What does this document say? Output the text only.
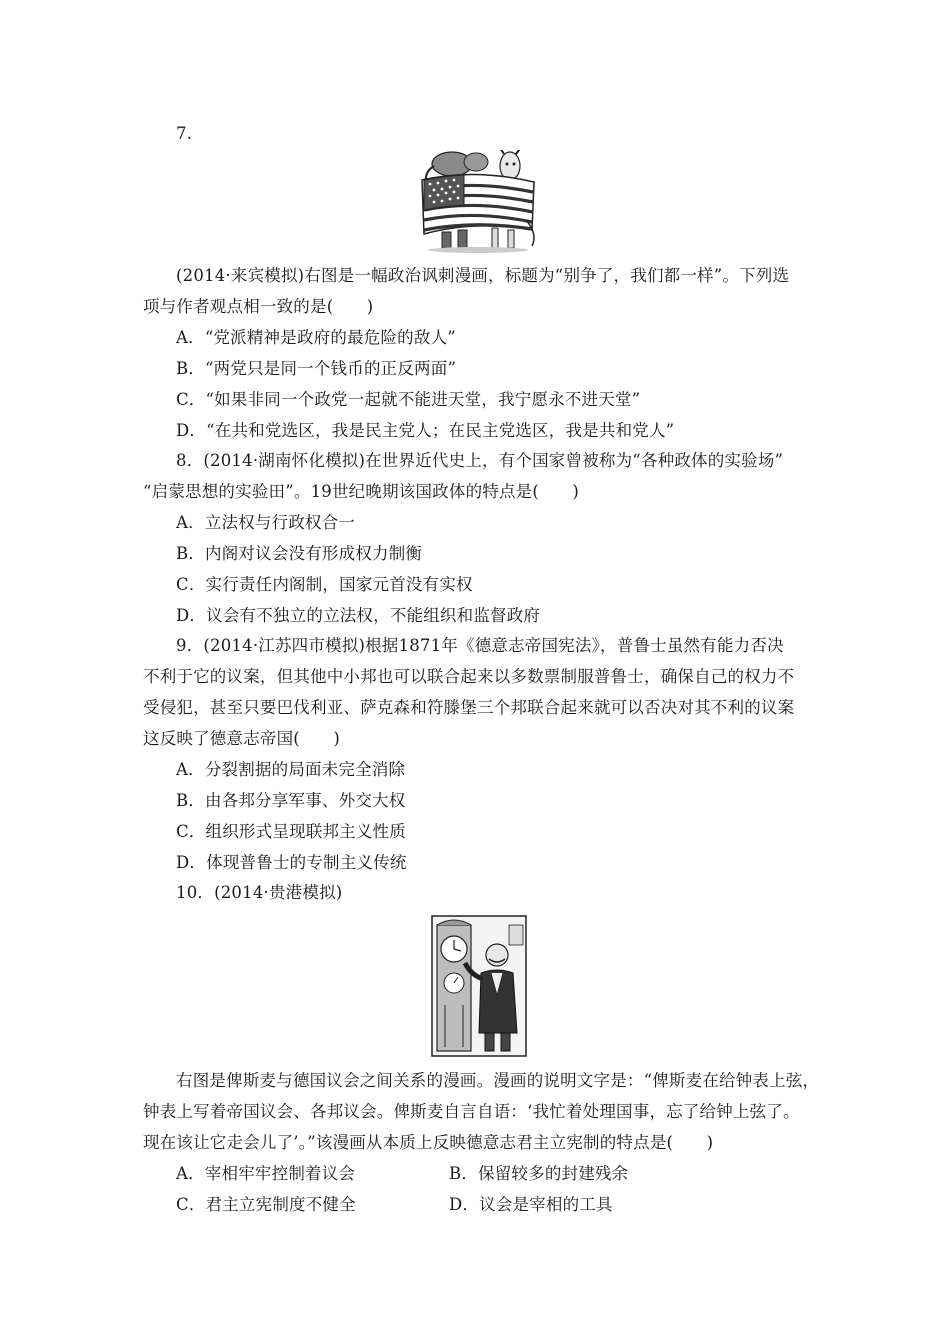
7.
(2014·来宾模拟)右图是一幅政治讽刺漫画，标题为“别争了，我们都一样”。下列选
项与作者观点相一致的是(　　)
A．“党派精神是政府的最危险的敌人”
B．“两党只是同一个钱币的正反两面”
C．“如果非同一个政党一起就不能进天堂，我宁愿永不进天堂”
D．“在共和党选区，我是民主党人；在民主党选区，我是共和党人”
8．(2014·湖南怀化模拟)在世界近代史上，有个国家曾被称为“各种政体的实验场”
“启蒙思想的实验田”。19世纪晚期该国政体的特点是(　　)
A．立法权与行政权合一
B．内阁对议会没有形成权力制衡
C．实行责任内阁制，国家元首没有实权
D．议会有不独立的立法权，不能组织和监督政府
9．(2014·江苏四市模拟)根据1871年《德意志帝国宪法》，普鲁士虽然有能力否决
不利于它的议案，但其他中小邦也可以联合起来以多数票制服普鲁士，确保自己的权力不
受侵犯，甚至只要巴伐利亚、萨克森和符滕堡三个邦联合起来就可以否决对其不利的议案
这反映了德意志帝国(　　)
A．分裂割据的局面未完全消除
B．由各邦分享军事、外交大权
C．组织形式呈现联邦主义性质
D．体现普鲁士的专制主义传统
10．(2014·贵港模拟)
右图是俾斯麦与德国议会之间关系的漫画。漫画的说明文字是：“俾斯麦在给钟表上弦，
钟表上写着帝国议会、各邦议会。俾斯麦自言自语：‘我忙着处理国事，忘了给钟上弦了。
现在该让它走会儿了’。”该漫画从本质上反映德意志君主立宪制的特点是(　　)
A．宰相牢牢控制着议会	B．保留较多的封建残余
C．君主立宪制度不健全	D．议会是宰相的工具
